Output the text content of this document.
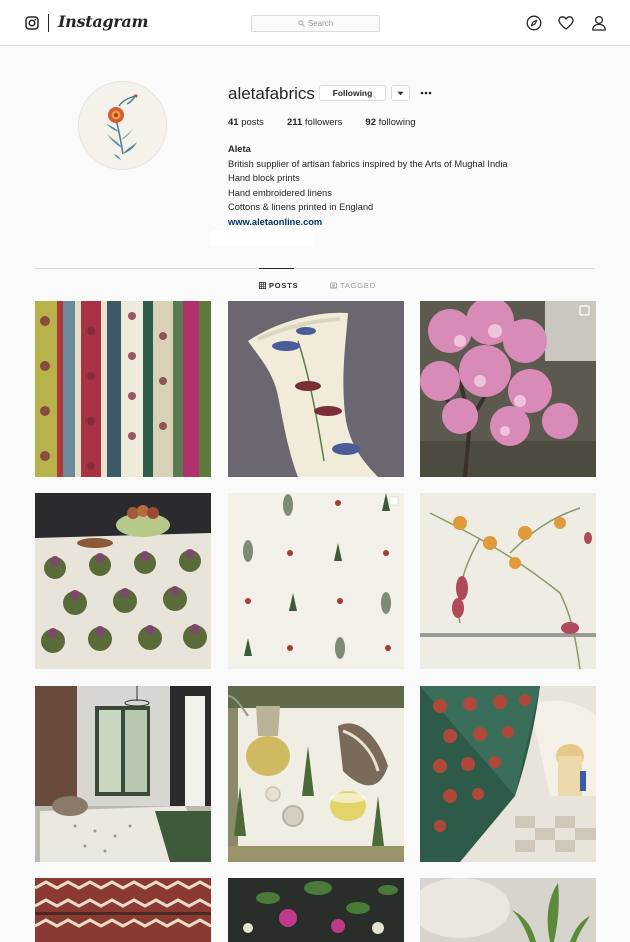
Instagram	Search
aleta​fabrics	Following
41 posts 211 followers 92 following
Aleta
British supplier of artisan fabrics inspired by the Arts of Mughal India
Hand block prints
Hand embroidered linens
Cottons & linens printed in England
www.aletaonline.com
POSTS	TAGGED
